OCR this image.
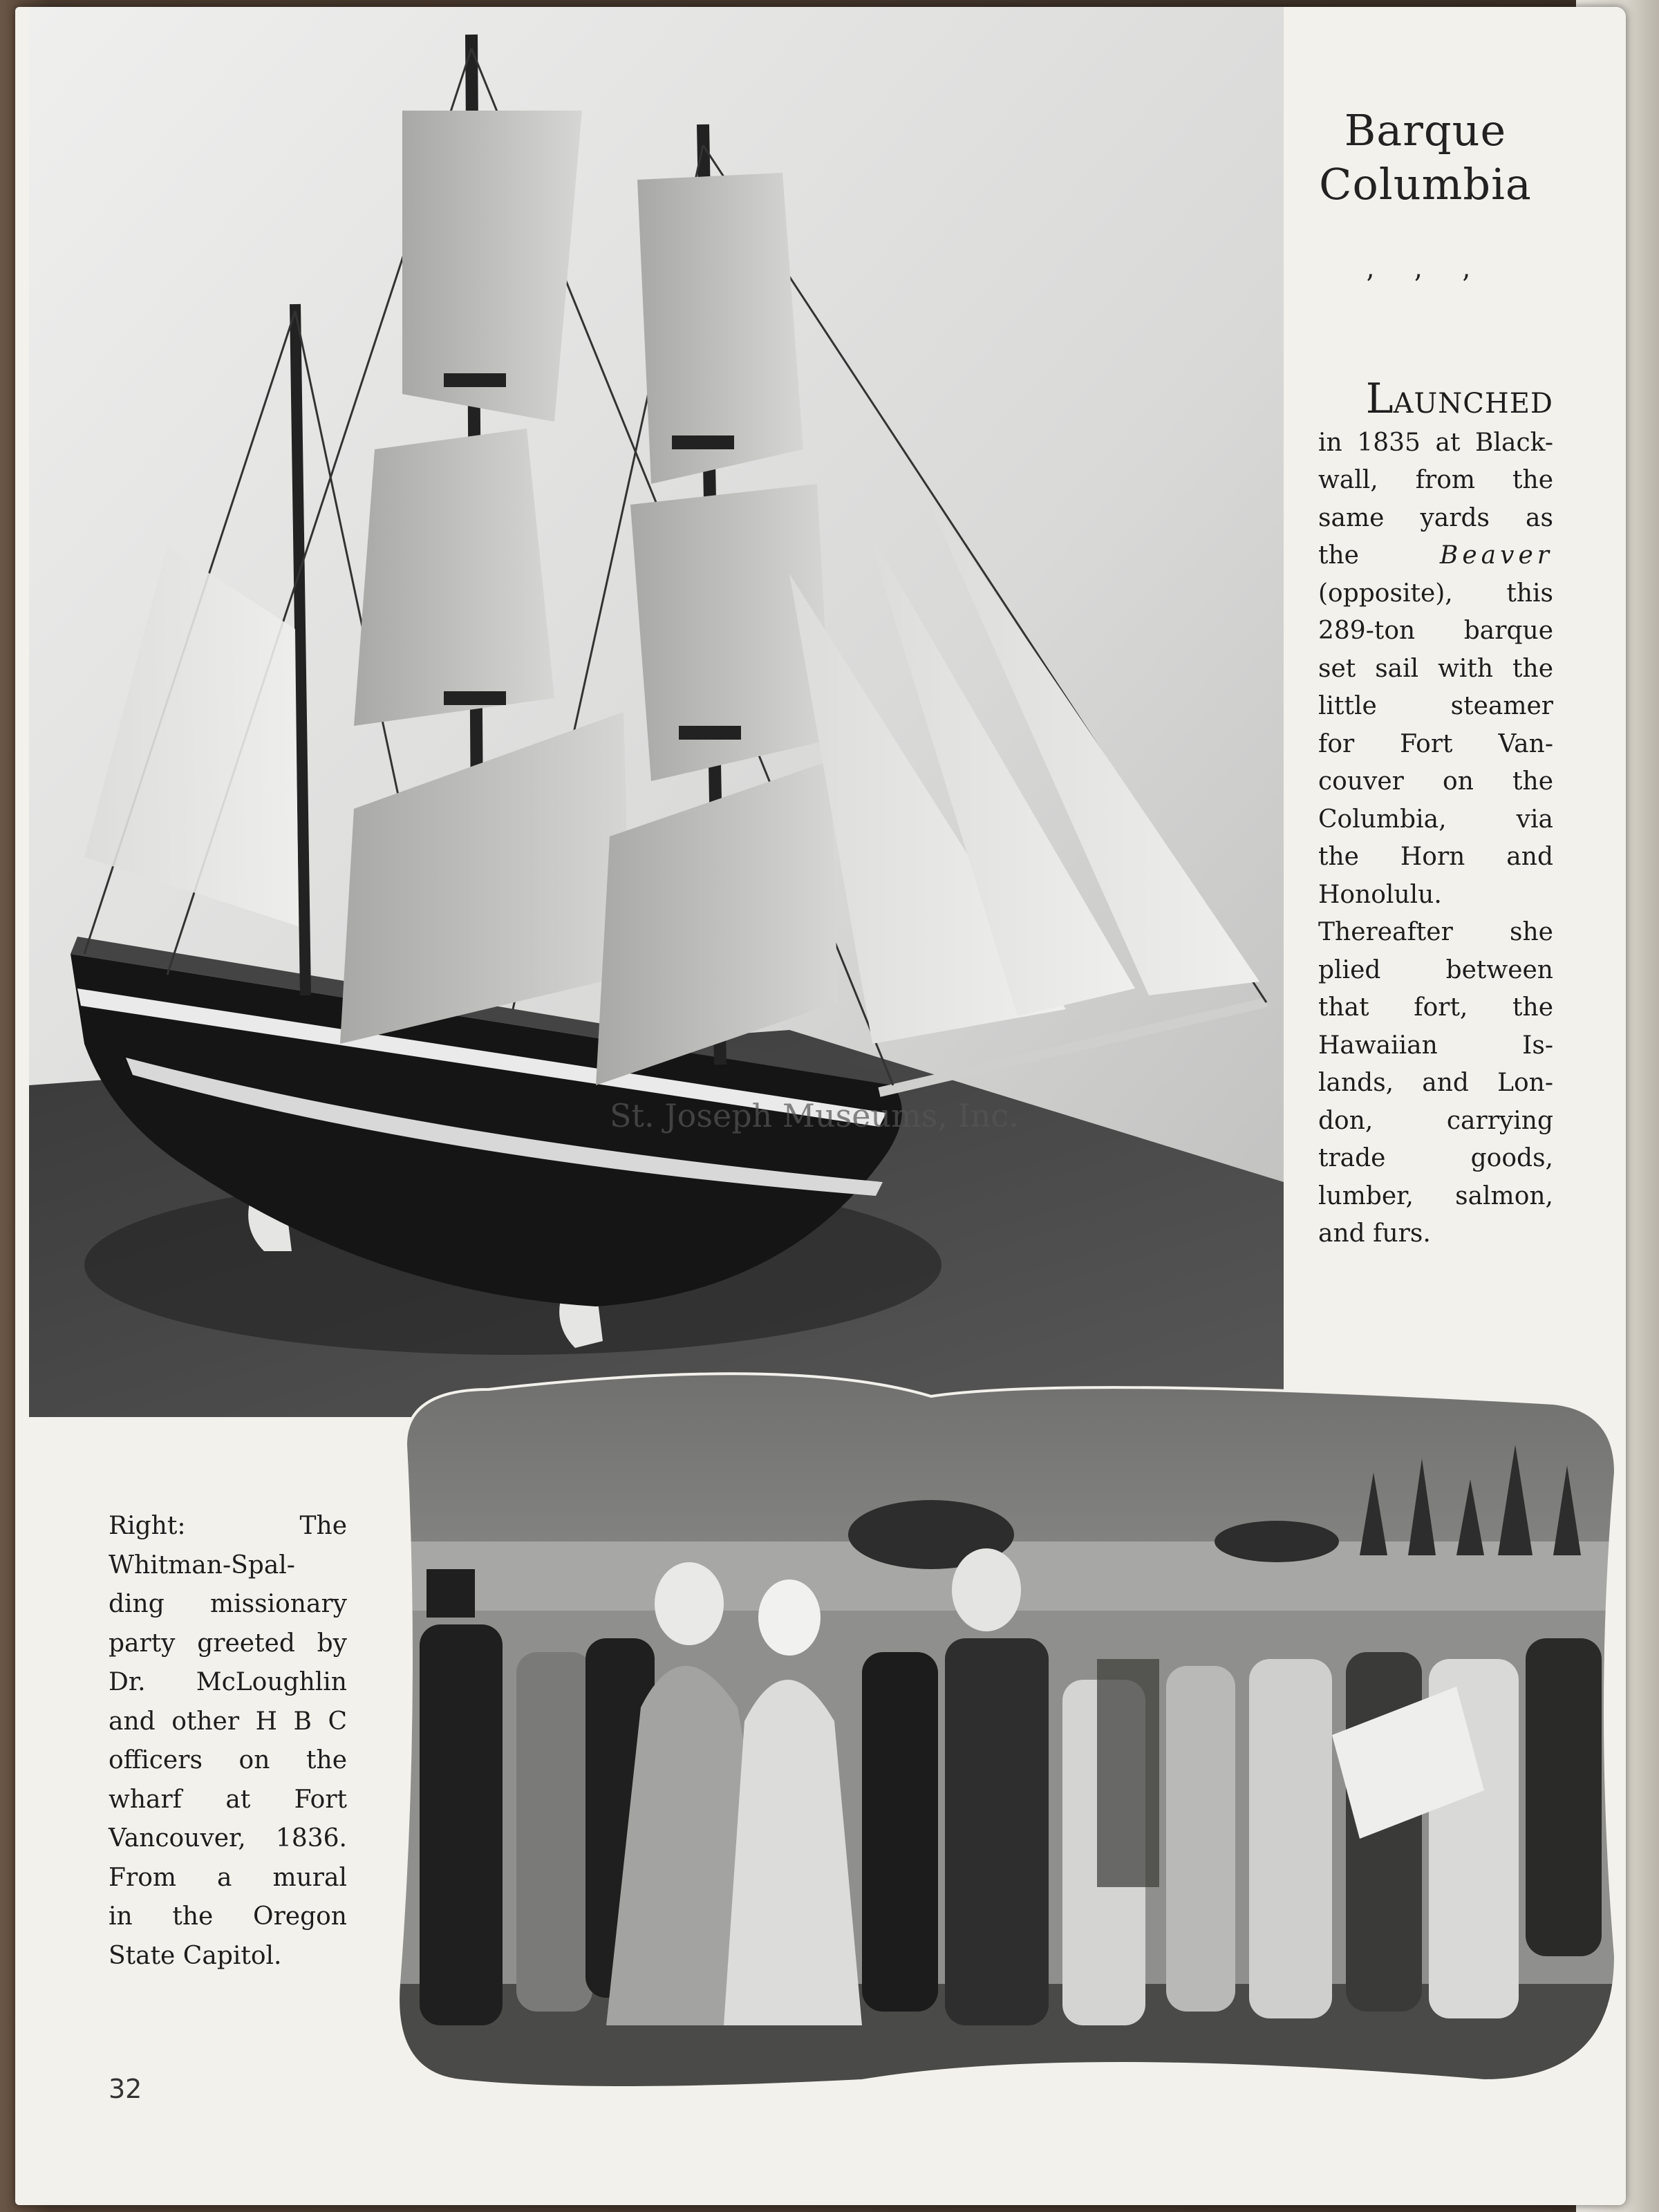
St. Joseph Museums, Inc.
Barque
Columbia
’ ’ ’
LAUNCHED
in 1835 at Black-
wall, from the
same yards as
the	Beaver
(opposite), this
289-ton barque
set sail with the
little steamer
for Fort Van-
couver on the
Columbia, via
the Horn and
Honolulu.
Thereafter she
plied between
that fort, the
Hawaiian Is-
lands, and Lon-
don, carrying
trade goods,
lumber, salmon,
and furs.
Right: The
Whitman-Spal-
ding missionary
party greeted by
Dr. McLoughlin
and other H B C
officers on the
wharf at Fort
Vancouver, 1836.
From a mural
in the Oregon
State Capitol.
32
